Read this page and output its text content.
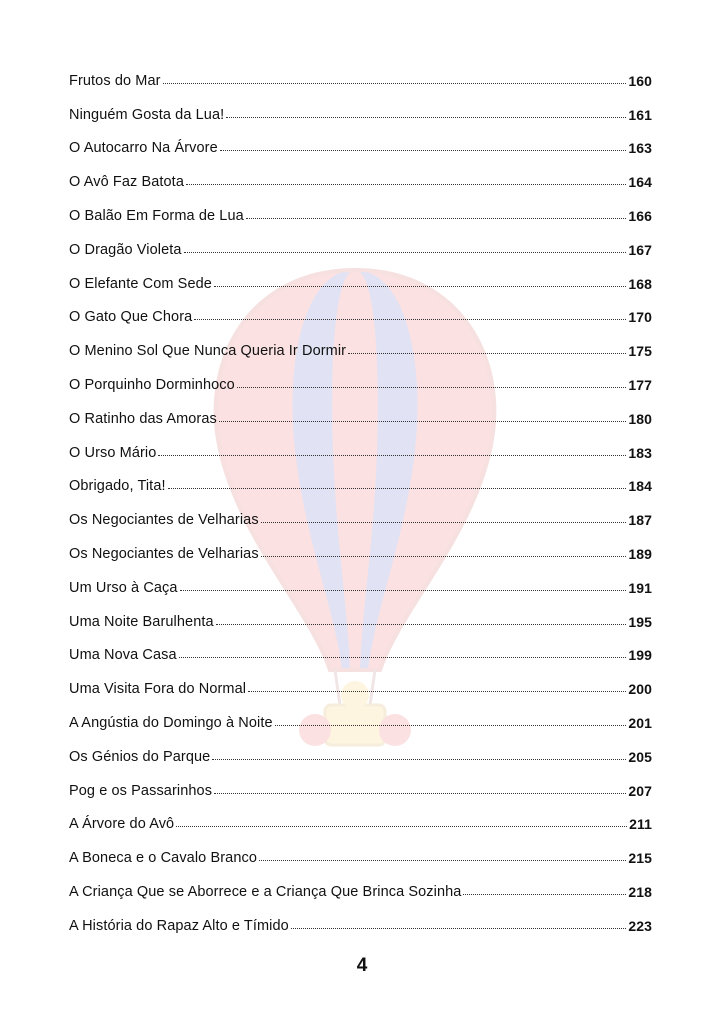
Frutos do Mar	160
Ninguém Gosta da Lua!	161
O Autocarro Na Árvore	163
O Avô Faz Batota	164
O Balão Em Forma de Lua	166
O Dragão Violeta	167
O Elefante Com Sede	168
O Gato Que Chora	170
O Menino Sol Que Nunca Queria Ir Dormir	175
O Porquinho Dorminhoco	177
O Ratinho das Amoras	180
O Urso Mário	183
Obrigado, Tita!	184
Os Negociantes de Velharias	187
Os Negociantes de Velharias	189
Um Urso à Caça	191
Uma Noite Barulhenta	195
Uma Nova Casa	199
Uma Visita Fora do Normal	200
A Angústia do Domingo à Noite	201
Os Génios do Parque	205
Pog e os Passarinhos	207
A Árvore do Avô	211
A Boneca e o Cavalo Branco	215
A Criança Que se Aborrece e a Criança Que Brinca Sozinha	218
A História do Rapaz Alto e Tímido	223
4
